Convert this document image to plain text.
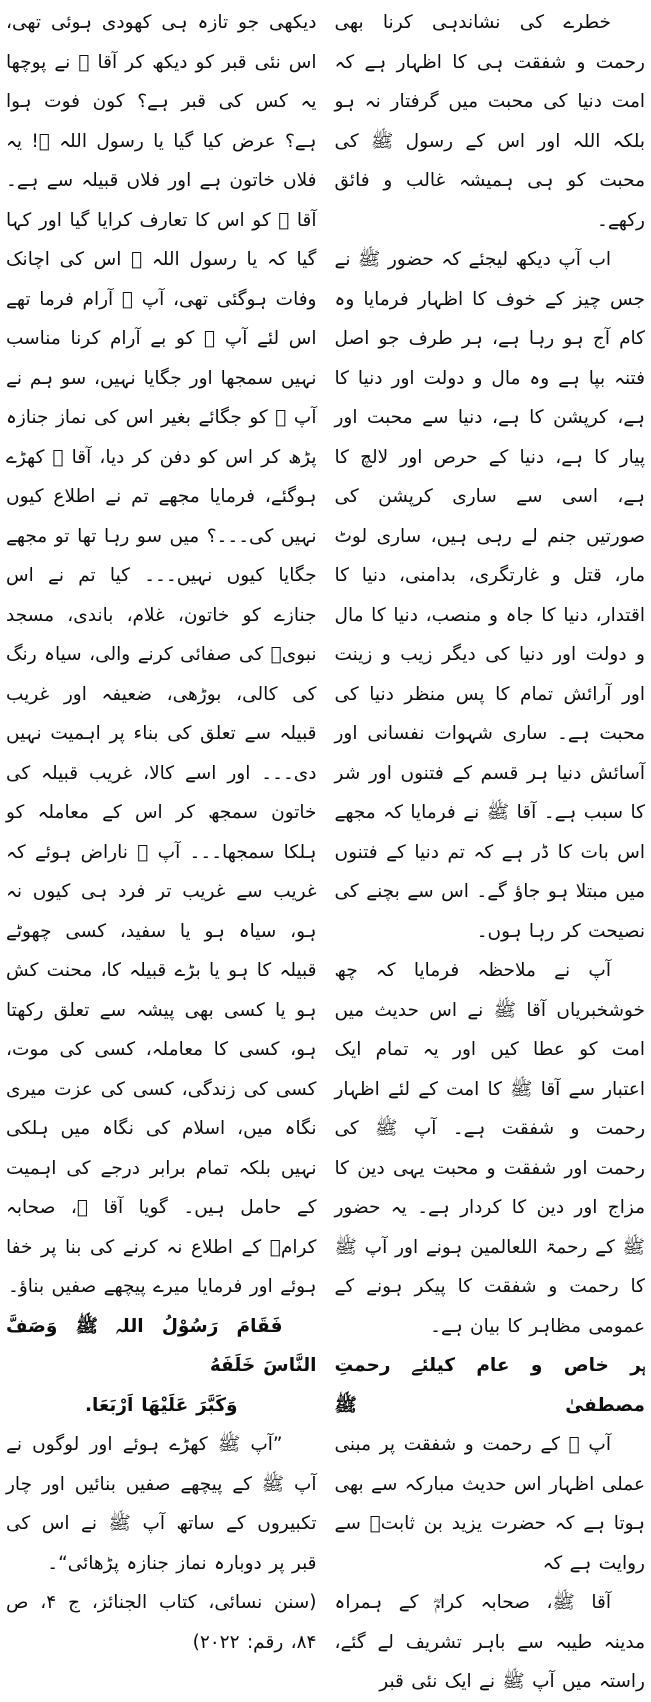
خطرے کی نشاندہی کرنا بھی رحمت و شفقت ہی کا اظہار ہے کہ امت دنیا کی محبت میں گرفتار نہ ہو بلکہ اللہ اور اس کے رسول ﷺ کی محبت کو ہی ہمیشہ غالب و فائق رکھے۔

اب آپ دیکھ لیجئے کہ حضور ﷺ نے جس چیز کے خوف کا اظہار فرمایا وہ کام آج ہو رہا ہے، ہر طرف جو اصل فتنہ بپا ہے وہ مال و دولت اور دنیا کا ہے، کرپشن کا ہے، دنیا سے محبت اور پیار کا ہے، دنیا کے حرص اور لالچ کا ہے، اسی سے ساری کرپشن کی صورتیں جنم لے رہی ہیں، ساری لوٹ مار، قتل و غارتگری، بدامنی، دنیا کا اقتدار، دنیا کا جاہ و منصب، دنیا کا مال و دولت اور دنیا کی دیگر زیب و زینت اور آرائش تمام کا پس منظر دنیا کی محبت ہے۔ ساری شہوات نفسانی اور آسائش دنیا ہر قسم کے فتنوں اور شر کا سبب ہے۔ آقا ﷺ نے فرمایا کہ مجھے اس بات کا ڈر ہے کہ تم دنیا کے فتنوں میں مبتلا ہو جاؤ گے۔ اس سے بچنے کی نصیحت کر رہا ہوں۔

آپ نے ملاحظہ فرمایا کہ چھ خوشخبریاں آقا ﷺ نے اس حدیث میں امت کو عطا کیں اور یہ تمام ایک اعتبار سے آقا ﷺ کا امت کے لئے اظہار رحمت و شفقت ہے۔ آپ ﷺ کی رحمت اور شفقت و محبت یہی دین کا مزاج اور دین کا کردار ہے۔ یہ حضور ﷺ کے رحمۃ اللعالمین ہونے اور آپ ﷺ کا رحمت و شفقت کا پیکر ہونے کے عمومی مظاہر کا بیان ہے۔

ہر خاص و عام کیلئے رحمتِ مصطفیٰ ﷺ

آپ ﷺ کے رحمت و شفقت پر مبنی عملی اظہار اس حدیث مبارکہ سے بھی ہوتا ہے کہ حضرت یزید بن ثابتؓ سے روایت ہے کہ

آقا ﷺ، صحابہ کرامؓ کے ہمراہ مدینہ طیبہ سے باہر تشریف لے گئے، راستہ میں آپ ﷺ نے ایک نئی قبر

دیکھی جو تازہ ہی کھودی ہوئی تھی، اس نئی قبر کو دیکھ کر آقا ﷺ نے پوچھا یہ کس کی قبر ہے؟ کون فوت ہوا ہے؟ عرض کیا گیا یا رسول اللہ ﷺ! یہ فلاں خاتون ہے اور فلاں قبیلہ سے ہے۔ آقا ﷺ کو اس کا تعارف کرایا گیا اور کہا گیا کہ یا رسول اللہ ﷺ اس کی اچانک وفات ہوگئی تھی، آپ ﷺ آرام فرما تھے اس لئے آپ ﷺ کو بے آرام کرنا مناسب نہیں سمجھا اور جگایا نہیں، سو ہم نے آپ ﷺ کو جگائے بغیر اس کی نماز جنازہ پڑھ کر اس کو دفن کر دیا، آقا ﷺ کھڑے ہوگئے، فرمایا مجھے تم نے اطلاع کیوں نہیں کی۔۔۔؟ میں سو رہا تھا تو مجھے جگایا کیوں نہیں۔۔۔ کیا تم نے اس جنازے کو خاتون، غلام، باندی، مسجد نبویؐ کی صفائی کرنے والی، سیاہ رنگ کی کالی، بوڑھی، ضعیفہ اور غریب قبیلہ سے تعلق کی بناء پر اہمیت نہیں دی۔۔۔ اور اسے کالا، غریب قبیلہ کی خاتون سمجھ کر اس کے معاملہ کو ہلکا سمجھا۔۔۔ آپ ﷺ ناراض ہوئے کہ غریب سے غریب تر فرد ہی کیوں نہ ہو، سیاہ ہو یا سفید، کسی چھوٹے قبیلہ کا ہو یا بڑے قبیلہ کا، محنت کش ہو یا کسی بھی پیشہ سے تعلق رکھتا ہو، کسی کا معاملہ، کسی کی موت، کسی کی زندگی، کسی کی عزت میری نگاہ میں، اسلام کی نگاہ میں ہلکی نہیں بلکہ تمام برابر درجے کی اہمیت کے حامل ہیں۔ گویا آقا ﷺ، صحابہ کرامؓ کے اطلاع نہ کرنے کی بنا پر خفا ہوئے اور فرمایا میرے پیچھے صفیں بناؤ۔

فَقَامَ رَسُوْلُ اللہ ﷺ وَصَفَّ النَّاسَ خَلَفَهُ

وَكَبَّرَ عَلَيْهَا اَرْبَعَا.

”آپ ﷺ کھڑے ہوئے اور لوگوں نے آپ ﷺ کے پیچھے صفیں بنائیں اور چار تکبیروں کے ساتھ آپ ﷺ نے اس کی قبر پر دوبارہ نماز جنازہ پڑھائی“۔

(سنن نسائی، کتاب الجنائز، ج ۴، ص ۸۴، رقم: ۲۰۲۲)
